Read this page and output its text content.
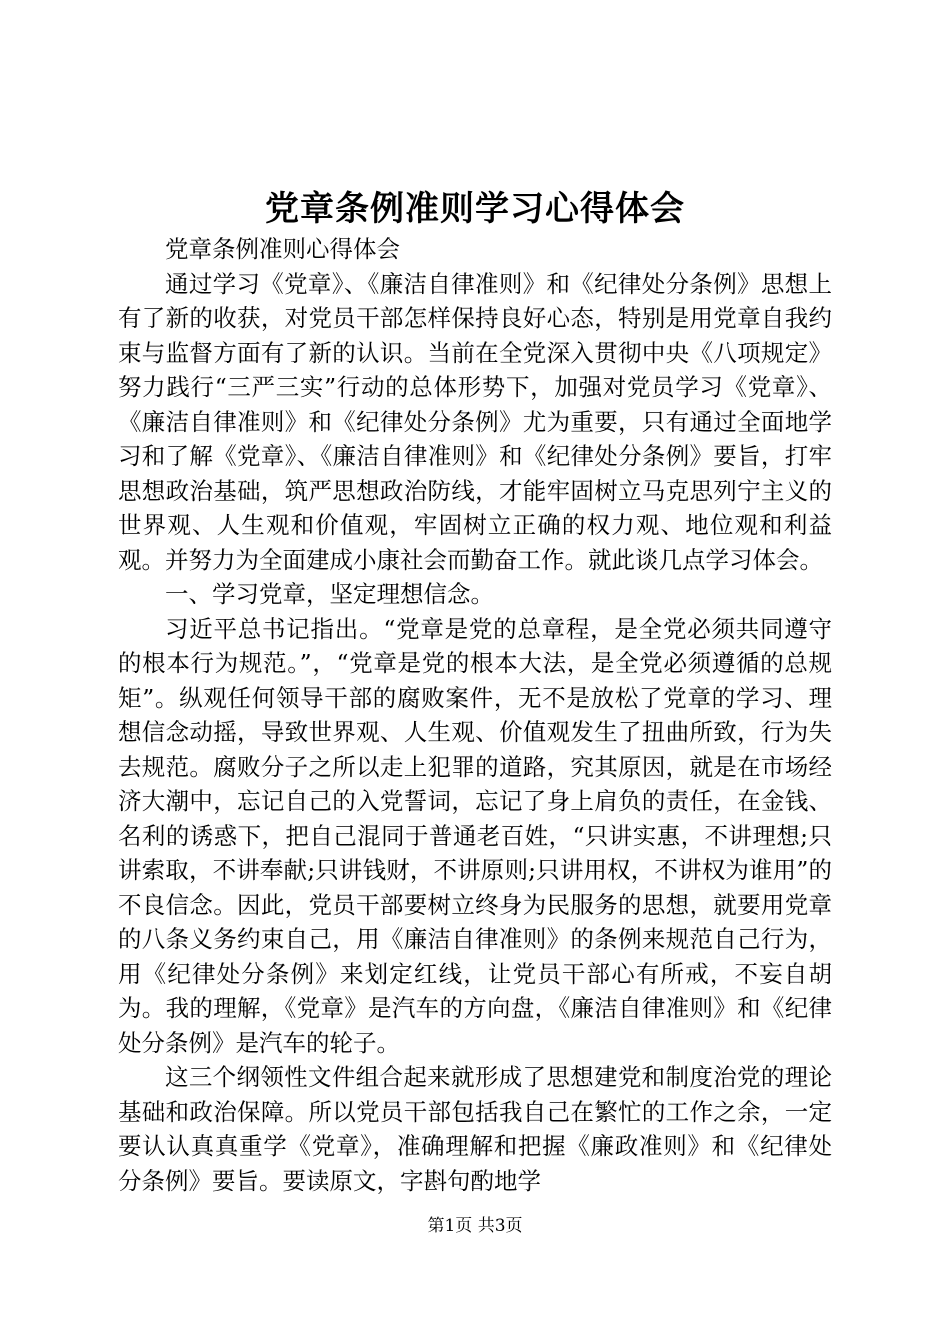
党章条例准则学习心得体会

党章条例准则心得体会

通过学习《党章》、《廉洁自律准则》和《纪律处分条例》思想上有了新的收获，对党员干部怎样保持良好心态，特别是用党章自我约束与监督方面有了新的认识。当前在全党深入贯彻中央《八项规定》努力践行“三严三实”行动的总体形势下，加强对党员学习《党章》、《廉洁自律准则》和《纪律处分条例》尤为重要，只有通过全面地学习和了解《党章》、《廉洁自律准则》和《纪律处分条例》要旨，打牢思想政治基础，筑严思想政治防线，才能牢固树立马克思列宁主义的世界观、人生观和价值观，牢固树立正确的权力观、地位观和利益观。并努力为全面建成小康社会而勤奋工作。就此谈几点学习体会。

一、学习党章，坚定理想信念。

习近平总书记指出。“党章是党的总章程，是全党必须共同遵守的根本行为规范。”，“党章是党的根本大法，是全党必须遵循的总规矩”。纵观任何领导干部的腐败案件，无不是放松了党章的学习、理想信念动摇，导致世界观、人生观、价值观发生了扭曲所致，行为失去规范。腐败分子之所以走上犯罪的道路，究其原因，就是在市场经济大潮中，忘记自己的入党誓词，忘记了身上肩负的责任，在金钱、名利的诱惑下，把自己混同于普通老百姓，“只讲实惠，不讲理想;只讲索取，不讲奉献;只讲钱财，不讲原则;只讲用权，不讲权为谁用”的不良信念。因此，党员干部要树立终身为民服务的思想，就要用党章的八条义务约束自己，用《廉洁自律准则》的条例来规范自己行为，用《纪律处分条例》来划定红线，让党员干部心有所戒，不妄自胡为。我的理解，《党章》是汽车的方向盘，《廉洁自律准则》和《纪律处分条例》是汽车的轮子。

这三个纲领性文件组合起来就形成了思想建党和制度治党的理论基础和政治保障。所以党员干部包括我自己在繁忙的工作之余，一定要认认真真重学《党章》，准确理解和把握《廉政准则》和《纪律处分条例》要旨。要读原文，字斟句酌地学

第1页 共3页
